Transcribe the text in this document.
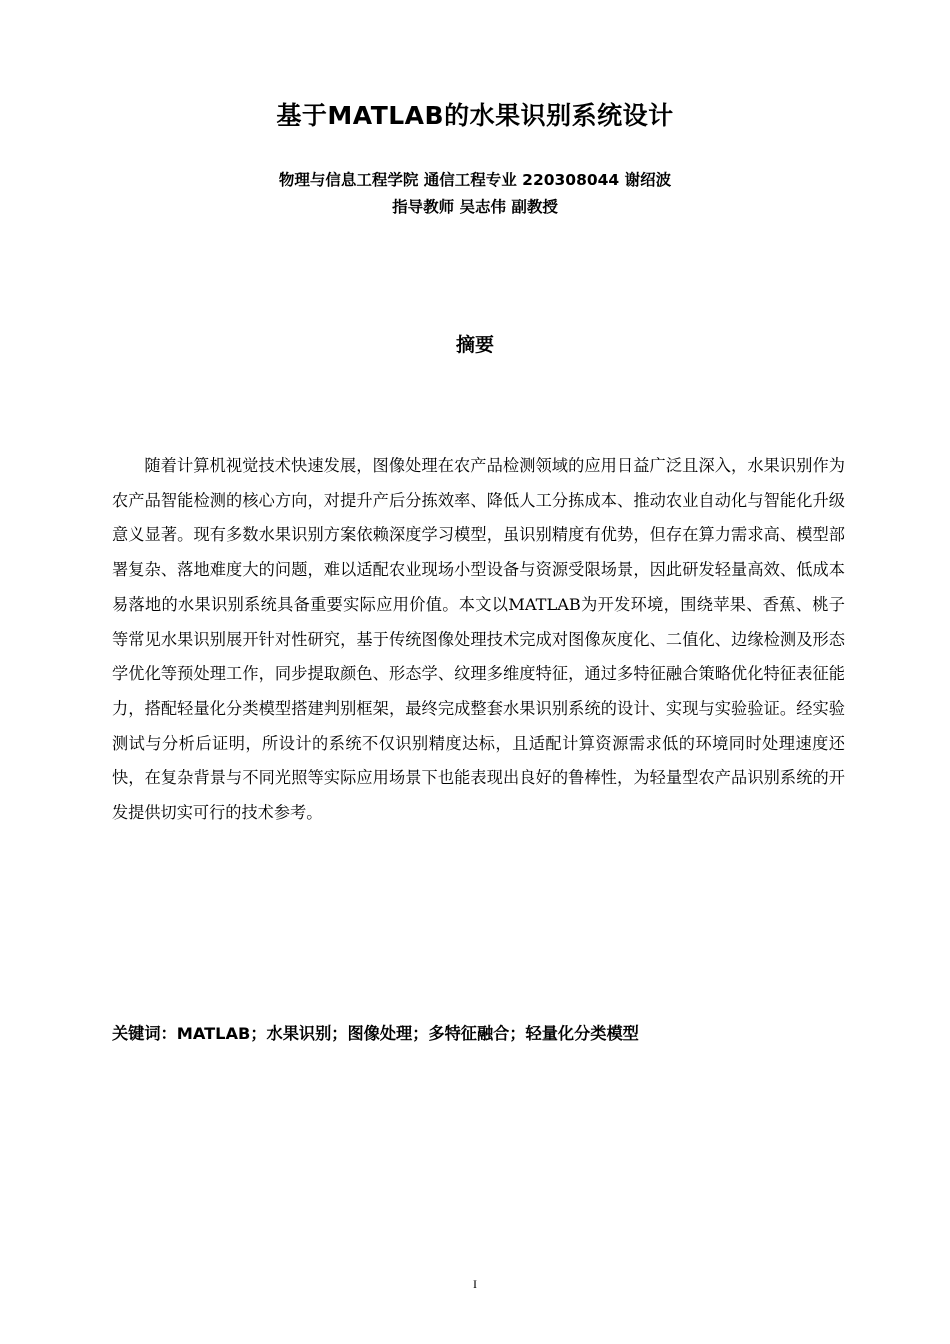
基于MATLAB的水果识别系统设计
物理与信息工程学院 通信工程专业 220308044 谢绍波
指导教师 吴志伟 副教授
摘要

随着计算机视觉技术快速发展，图像处理在农产品检测领域的应用日益广泛且深入，水果识别作为农产品智能检测的核心方向，对提升产后分拣效率、降低人工分拣成本、推动农业自动化与智能化升级意义显著。现有多数水果识别方案依赖深度学习模型，虽识别精度有优势，但存在算力需求高、模型部署复杂、落地难度大的问题，难以适配农业现场小型设备与资源受限场景，因此研发轻量高效、低成本易落地的水果识别系统具备重要实际应用价值。本文以MATLAB为开发环境，围绕苹果、香蕉、桃子等常见水果识别展开针对性研究，基于传统图像处理技术完成对图像灰度化、二值化、边缘检测及形态学优化等预处理工作，同步提取颜色、形态学、纹理多维度特征，通过多特征融合策略优化特征表征能力，搭配轻量化分类模型搭建判别框架，最终完成整套水果识别系统的设计、实现与实验验证。经实验测试与分析后证明，所设计的系统不仅识别精度达标，且适配计算资源需求低的环境同时处理速度还快，在复杂背景与不同光照等实际应用场景下也能表现出良好的鲁棒性，为轻量型农产品识别系统的开发提供切实可行的技术参考。

关键词：MATLAB；水果识别；图像处理；多特征融合；轻量化分类模型
I
